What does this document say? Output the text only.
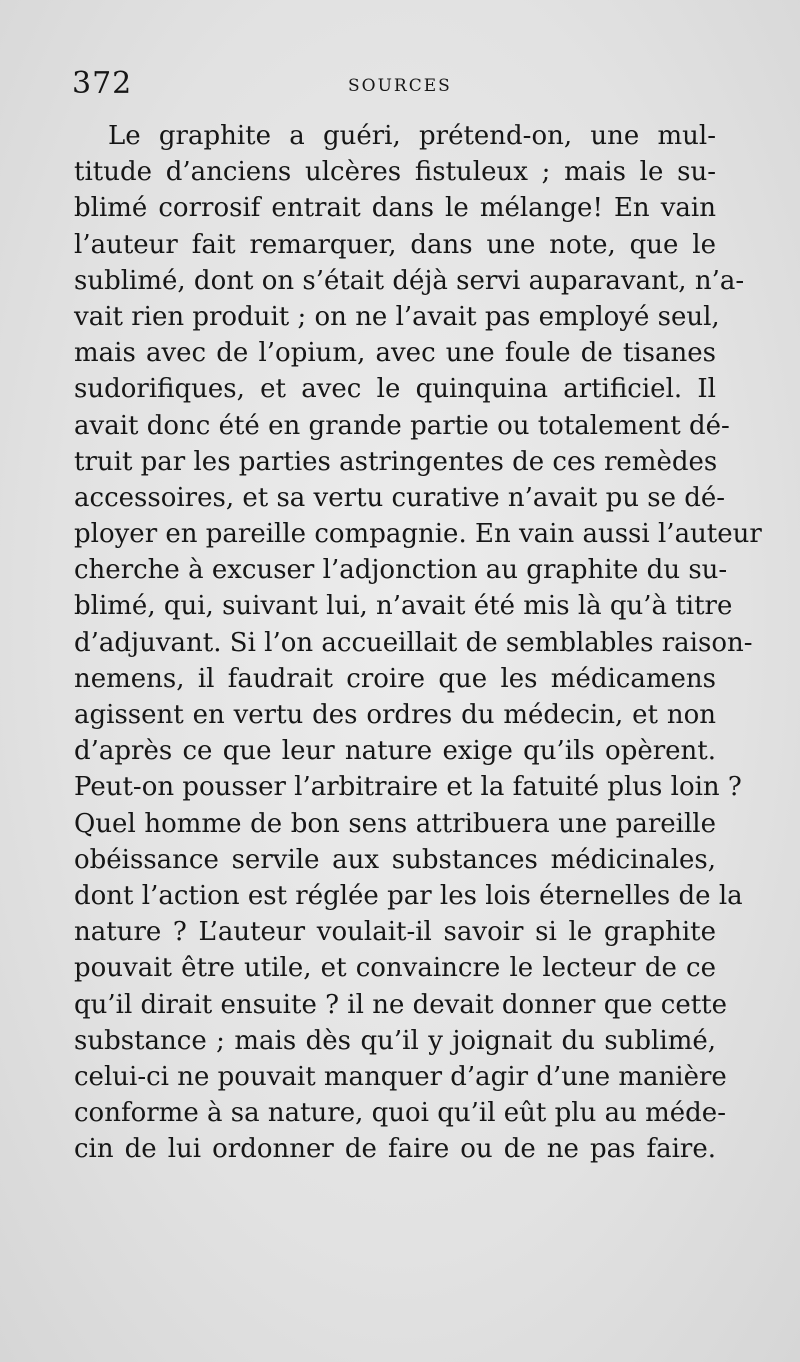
372	SOURCES
Le graphite a guéri, prétend-on, une mul-
titude d’anciens ulcères fistuleux ; mais le su-
blimé corrosif entrait dans le mélange! En vain
l’auteur fait remarquer, dans une note, que le
sublimé, dont on s’était déjà servi auparavant, n’a-
vait rien produit ; on ne l’avait pas employé seul,
mais avec de l’opium, avec une foule de tisanes
sudorifiques, et avec le quinquina artificiel. Il
avait donc été en grande partie ou totalement dé-
truit par les parties astringentes de ces remèdes
accessoires, et sa vertu curative n’avait pu se dé-
ployer en pareille compagnie. En vain aussi l’auteur
cherche à excuser l’adjonction au graphite du su-
blimé, qui, suivant lui, n’avait été mis là qu’à titre
d’adjuvant. Si l’on accueillait de semblables raison-
nemens, il faudrait croire que les médicamens
agissent en vertu des ordres du médecin, et non
d’après ce que leur nature exige qu’ils opèrent.
Peut-on pousser l’arbitraire et la fatuité plus loin ?
Quel homme de bon sens attribuera une pareille
obéissance servile aux substances médicinales,
dont l’action est réglée par les lois éternelles de la
nature ? L’auteur voulait-il savoir si le graphite
pouvait être utile, et convaincre le lecteur de ce
qu’il dirait ensuite ? il ne devait donner que cette
substance ; mais dès qu’il y joignait du sublimé,
celui-ci ne pouvait manquer d’agir d’une manière
conforme à sa nature, quoi qu’il eût plu au méde-
cin de lui ordonner de faire ou de ne pas faire.
